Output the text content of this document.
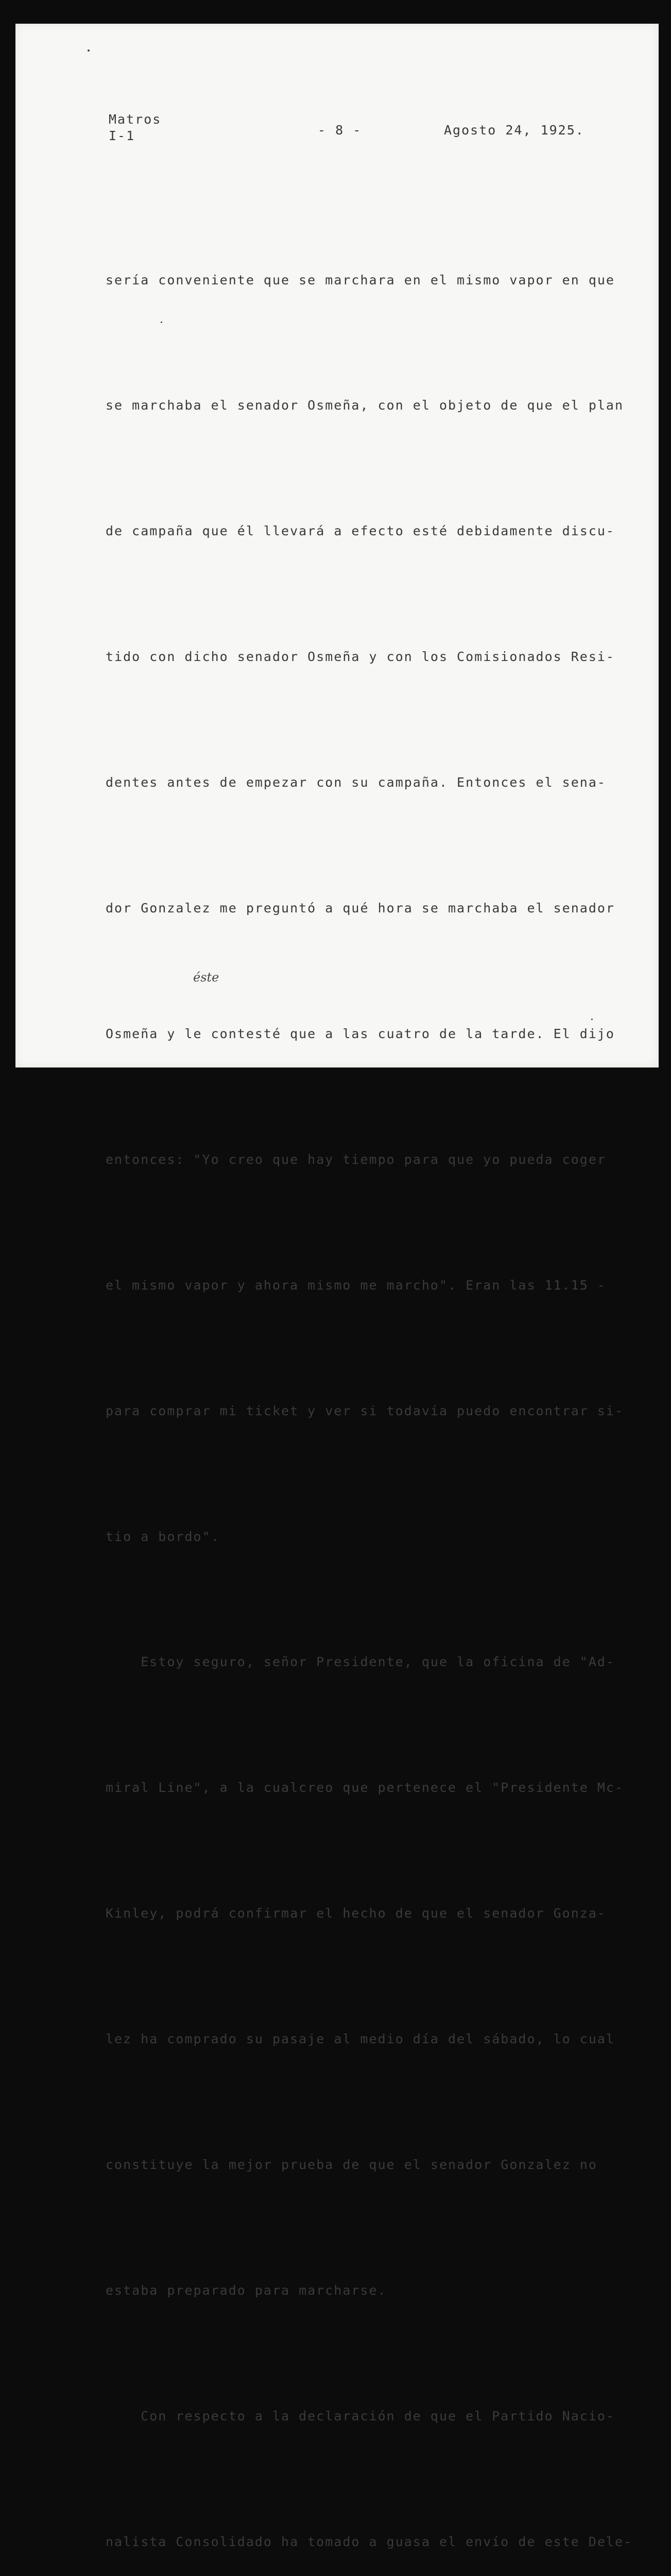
Matros
I-1	- 8 -	Agosto 24, 1925.

sería conveniente que se marchara en el mismo vapor en que

se marchaba el senador Osmeña, con el objeto de que el plan

de campaña que él llevará a efecto esté debidamente discu-

tido con dicho senador Osmeña y con los Comisionados Resi-

dentes antes de empezar con su campaña. Entonces el sena-

dor Gonzalez me preguntó a qué hora se marchaba el senador

Osmeña y le contesté que a las cuatro de la tarde. El dijo

entonces: "Yo creo que hay tiempo para que yo pueda coger

el mismo vapor y ahora mismo me marcho". Eran las 11.15 -

para comprar mi ticket y ver si todavía puedo encontrar si-

tio a bordo".

Estoy seguro, señor Presidente, que la oficina de "Ad-

miral Line", a la cualcreo que pertenece el "Presidente Mc-

Kinley, podrá confirmar el hecho de que el senador Gonza-

lez ha comprado su pasaje al medio día del sábado, lo cual

constituye la mejor prueba de que el senador Gonzalez no

estaba preparado para marcharse.

Con respecto a la declaración de que el Partido Nacio-

nalista Consolidado ha tomado a guasa el envío de este Dele-

éste
